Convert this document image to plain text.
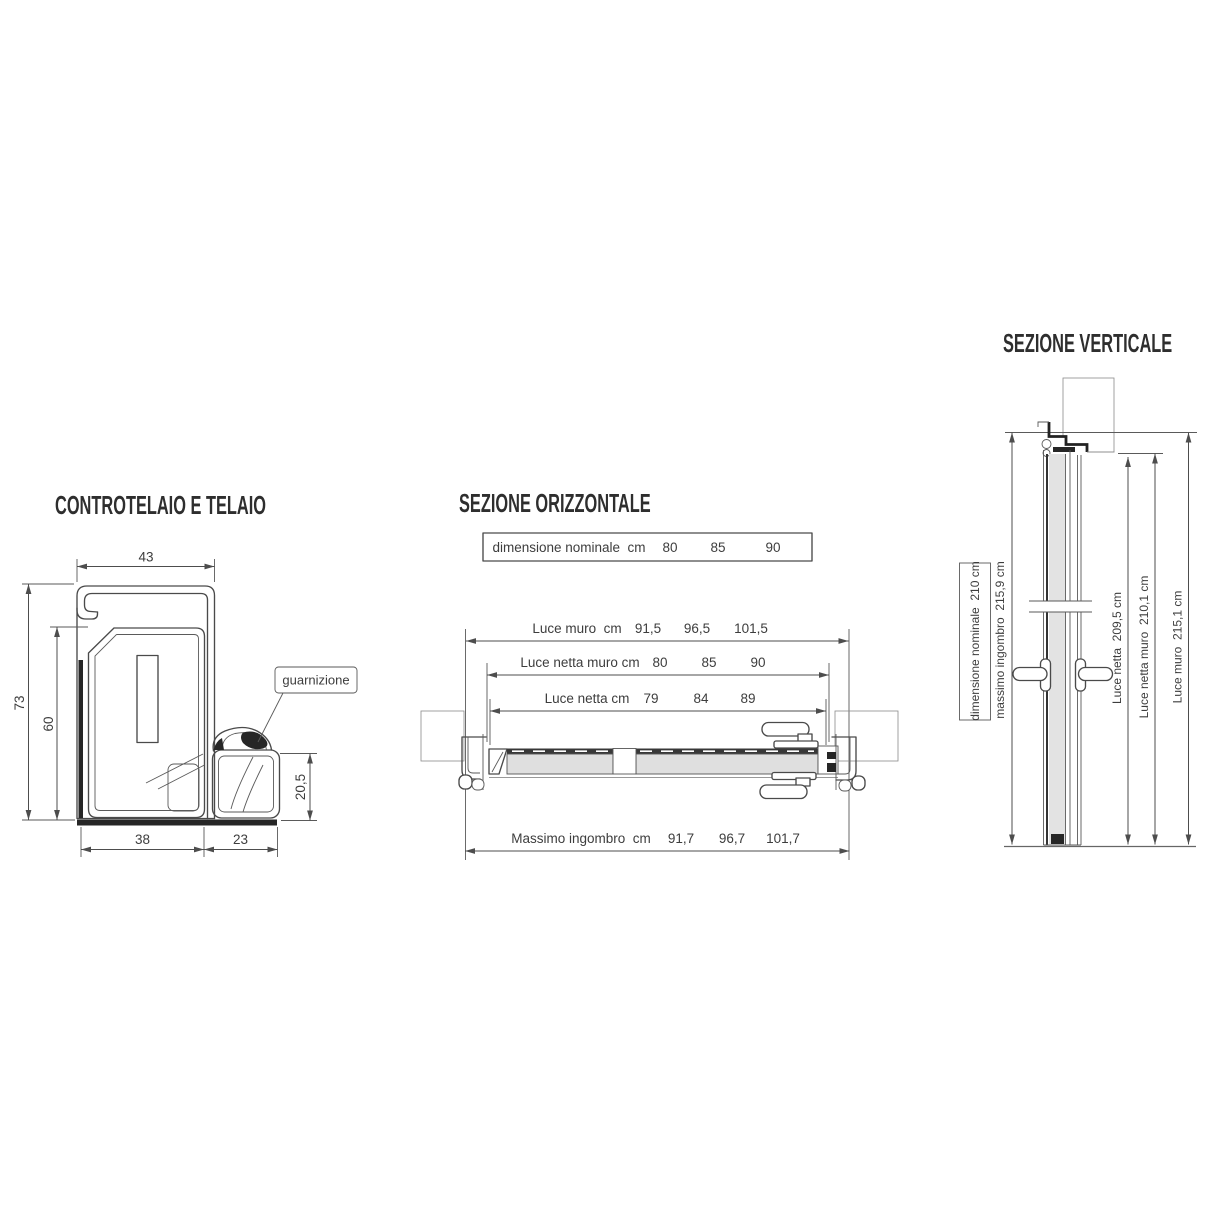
CONTROTELAIO E TELAIO
43
73
60
38	23
20,5
guarnizione
SEZIONE ORIZZONTALE
dimensione nominale  cm 80 85	90
Luce muro  cm 91,5 96,5 101,5
Luce netta muro cm 80	85	90
Luce netta cm 79	84 89
Massimo ingombro  cm 91,7 96,7 101,7
SEZIONE VERTICALE
dimensione nominale  210 cm massimo ingombro  215,9 cm	Luce netta  209,5 cm Luce netta muro  210,1 cm Luce muro  215,1 cm
